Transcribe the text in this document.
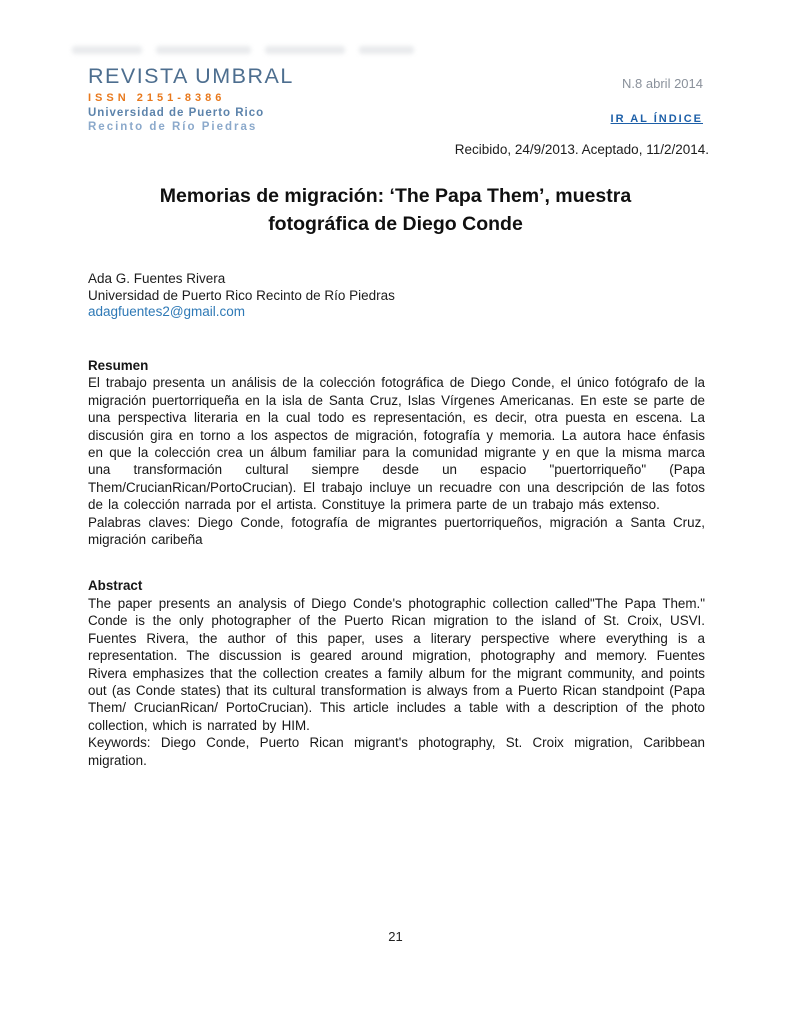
REVISTA UMBRAL
ISSN 2151-8386
Universidad de Puerto Rico
Recinto de Río Piedras
N.8 abril 2014
IR AL ÍNDICE
Recibido, 24/9/2013. Aceptado, 11/2/2014.
Memorias de migración: ‘The Papa Them’, muestra fotográfica de Diego Conde
Ada G. Fuentes Rivera
Universidad de Puerto Rico Recinto de Río Piedras
adagfuentes2@gmail.com

Resumen

El trabajo presenta un análisis de la colección fotográfica de Diego Conde, el único fotógrafo de la migración puertorriqueña en la isla de Santa Cruz, Islas Vírgenes Americanas. En este se parte de una perspectiva literaria en la cual todo es representación, es decir, otra puesta en escena. La discusión gira en torno a los aspectos de migración, fotografía y memoria. La autora hace énfasis en que la colección crea un álbum familiar para la comunidad migrante y en que la misma marca una transformación cultural siempre desde un espacio "puertorriqueño" (Papa Them/CrucianRican/PortoCrucian). El trabajo incluye un recuadre con una descripción de las fotos de la colección narrada por el artista. Constituye la primera parte de un trabajo más extenso.

Palabras claves: Diego Conde, fotografía de migrantes puertorriqueños, migración a Santa Cruz, migración caribeña

Abstract

The paper presents an analysis of Diego Conde's photographic collection called"The Papa Them." Conde is the only photographer of the Puerto Rican migration to the island of St. Croix, USVI. Fuentes Rivera, the author of this paper, uses a literary perspective where everything is a representation. The discussion is geared around migration, photography and memory. Fuentes Rivera emphasizes that the collection creates a family album for the migrant community, and points out (as Conde states) that its cultural transformation is always from a Puerto Rican standpoint (Papa Them/ CrucianRican/ PortoCrucian). This article includes a table with a description of the photo collection, which is narrated by HIM.

Keywords: Diego Conde, Puerto Rican migrant's photography, St. Croix migration, Caribbean migration.

21
